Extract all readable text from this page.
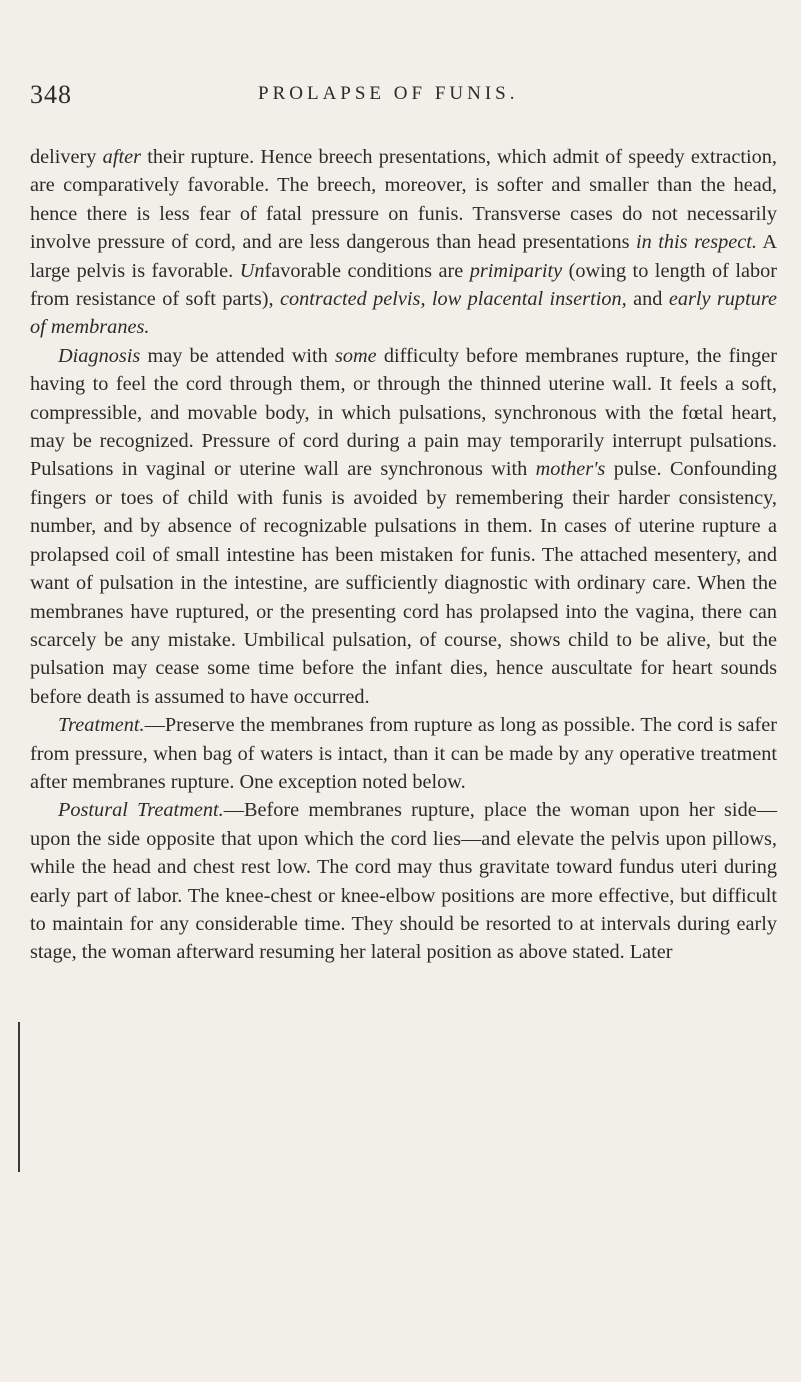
348	PROLAPSE OF FUNIS.

delivery after their rupture. Hence breech presentations, which admit of speedy extraction, are comparatively favorable. The breech, moreover, is softer and smaller than the head, hence there is less fear of fatal pressure on funis. Transverse cases do not necessarily involve pressure of cord, and are less dangerous than head presentations in this respect. A large pelvis is favorable. Unfavorable conditions are primiparity (owing to length of labor from resistance of soft parts), contracted pelvis, low placental insertion, and early rupture of membranes.

Diagnosis may be attended with some difficulty before membranes rupture, the finger having to feel the cord through them, or through the thinned uterine wall. It feels a soft, compressible, and movable body, in which pulsations, synchronous with the fœtal heart, may be recognized. Pressure of cord during a pain may temporarily interrupt pulsations. Pulsations in vaginal or uterine wall are synchronous with mother's pulse. Confounding fingers or toes of child with funis is avoided by remembering their harder consistency, number, and by absence of recognizable pulsations in them. In cases of uterine rupture a prolapsed coil of small intestine has been mistaken for funis. The attached mesentery, and want of pulsation in the intestine, are sufficiently diagnostic with ordinary care. When the membranes have ruptured, or the presenting cord has prolapsed into the vagina, there can scarcely be any mistake. Umbilical pulsation, of course, shows child to be alive, but the pulsation may cease some time before the infant dies, hence auscultate for heart sounds before death is assumed to have occurred.

Treatment.—Preserve the membranes from rupture as long as possible. The cord is safer from pressure, when bag of waters is intact, than it can be made by any operative treatment after membranes rupture. One exception noted below.

Postural Treatment.—Before membranes rupture, place the woman upon her side—upon the side opposite that upon which the cord lies—and elevate the pelvis upon pillows, while the head and chest rest low. The cord may thus gravitate toward fundus uteri during early part of labor. The knee-chest or knee-elbow positions are more effective, but difficult to maintain for any considerable time. They should be resorted to at intervals during early stage, the woman afterward resuming her lateral position as above stated. Later
